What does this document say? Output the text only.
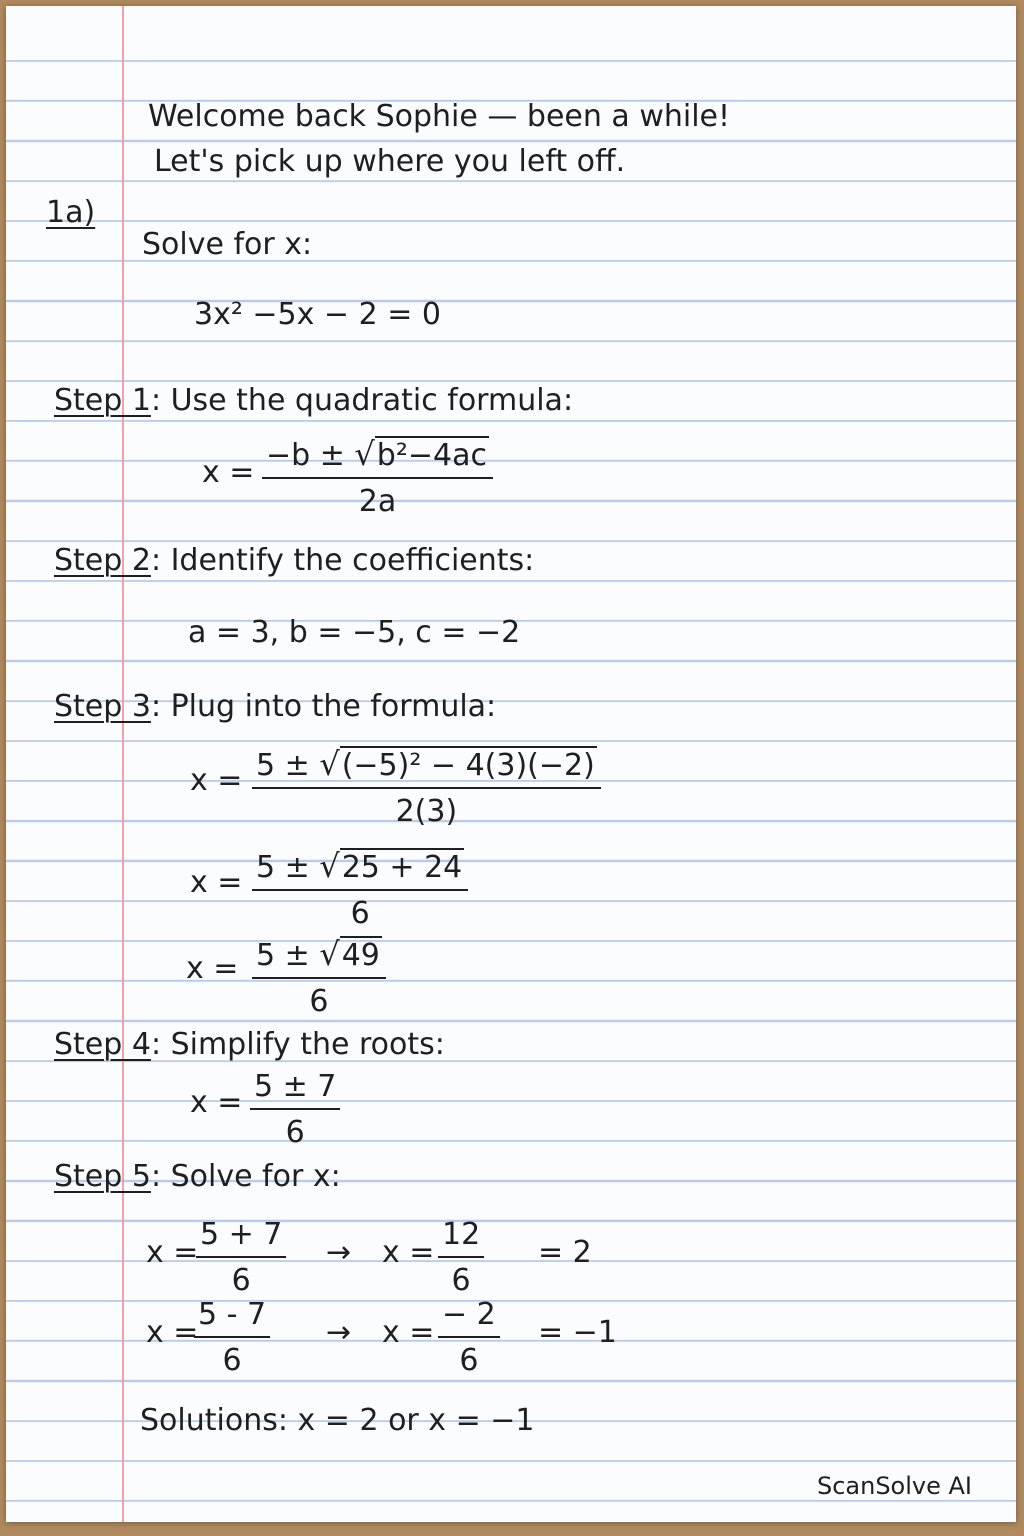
Welcome back Sophie — been a while!
Let's pick up where you left off.
1a)
Solve for x:
3x² −5x − 2 = 0
Step 1: Use the quadratic formula:
$x = \frac{\text{−b ± √b²−4ac}}{2a}$
Step 2: Identify the coefficients:
a = 3, b = −5, c = −2
Step 3: Plug into the formula:
$x = \frac{\text{5 ± √(−5)² − 4(3)(−2)}}{2(3)}$
$x = \frac{5 \pm √25 + 24}{6}$
$x = \frac{5 \pm √49}{6}$
Step 4: Simplify the roots:
$x = \frac{5 \pm 7}{6}$
Step 5: Solve for x:
x =
$\frac{5 + 7}{6} \to x = \frac{12}{6} = 2$
x =
$\frac{5 - 7}{6} \to x = \frac{- 2}{6} = -1$
Solutions: x = 2 or x = −1
ScanSolve AI
